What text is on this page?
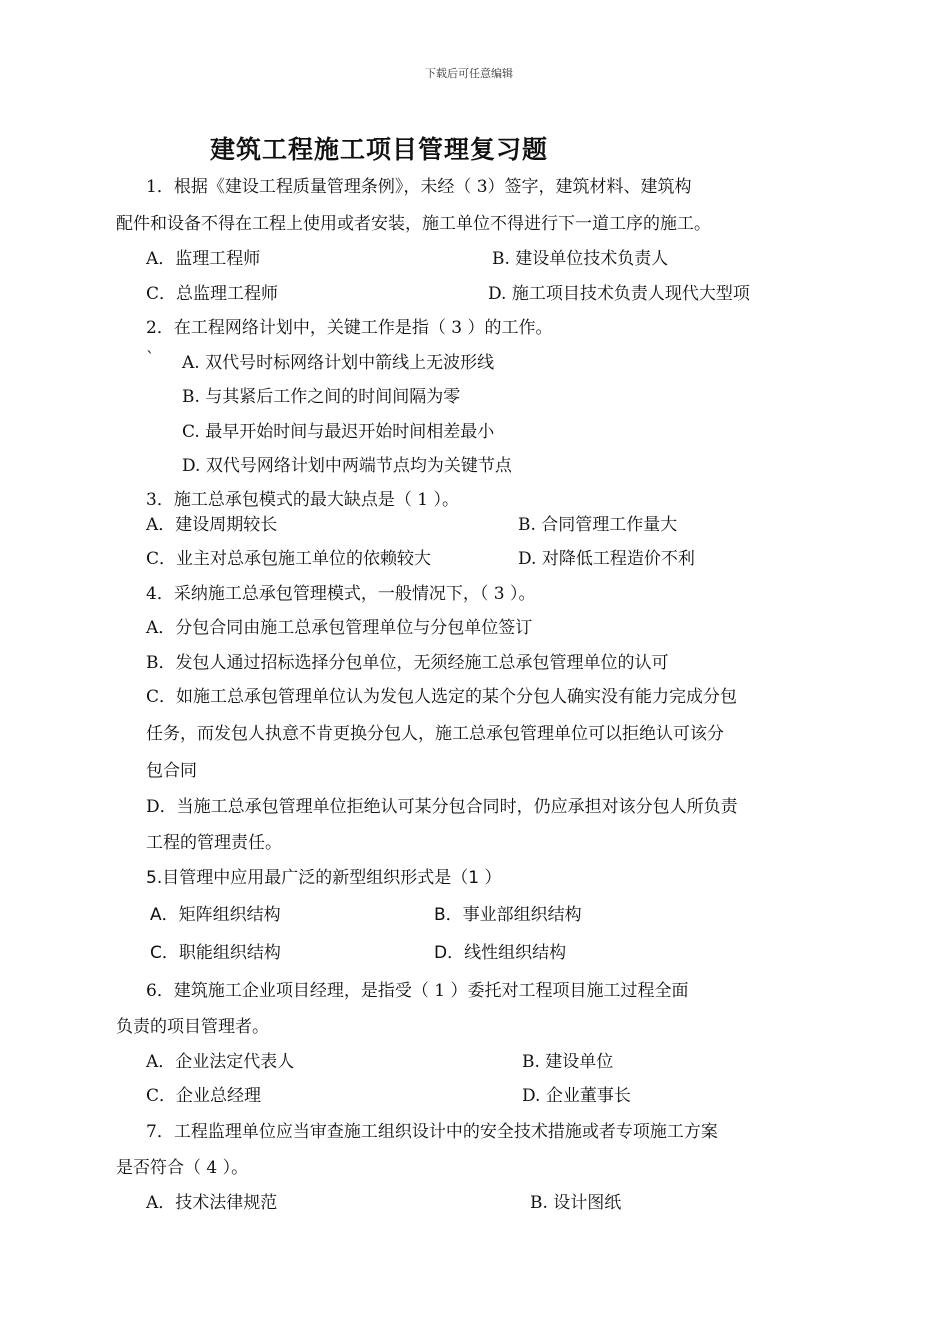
下载后可任意编辑
建筑工程施工项目管理复习题
1．根据《建设工程质量管理条例》，未经（ 3）签字，建筑材料、建筑构
配件和设备不得在工程上使用或者安装，施工单位不得进行下一道工序的施工。
A．监理工程师	B. 建设单位技术负责人
C．总监理工程师	D. 施工项目技术负责人现代大型项
2．在工程网络计划中，关键工作是指（ 3 ）的工作。
` A. 双代号时标网络计划中箭线上无波形线
B. 与其紧后工作之间的时间间隔为零
C. 最早开始时间与最迟开始时间相差最小
D. 双代号网络计划中两端节点均为关键节点
3．施工总承包模式的最大缺点是（ 1 ）。
A．建设周期较长	B. 合同管理工作量大
C．业主对总承包施工单位的依赖较大	D. 对降低工程造价不利
4．采纳施工总承包管理模式，一般情况下，（ 3 ）。
A．分包合同由施工总承包管理单位与分包单位签订
B．发包人通过招标选择分包单位，无须经施工总承包管理单位的认可
C．如施工总承包管理单位认为发包人选定的某个分包人确实没有能力完成分包
任务，而发包人执意不肯更换分包人，施工总承包管理单位可以拒绝认可该分
包合同
D．当施工总承包管理单位拒绝认可某分包合同时，仍应承担对该分包人所负责
工程的管理责任。
5.目管理中应用最广泛的新型组织形式是（1 ）
A．矩阵组织结构	B．事业部组织结构
C．职能组织结构	D．线性组织结构
6．建筑施工企业项目经理，是指受（ 1 ）委托对工程项目施工过程全面
负责的项目管理者。
A．企业法定代表人	B. 建设单位
C．企业总经理	D. 企业董事长
7．工程监理单位应当审查施工组织设计中的安全技术措施或者专项施工方案
是否符合（ 4 ）。
A．技术法律规范	B. 设计图纸
